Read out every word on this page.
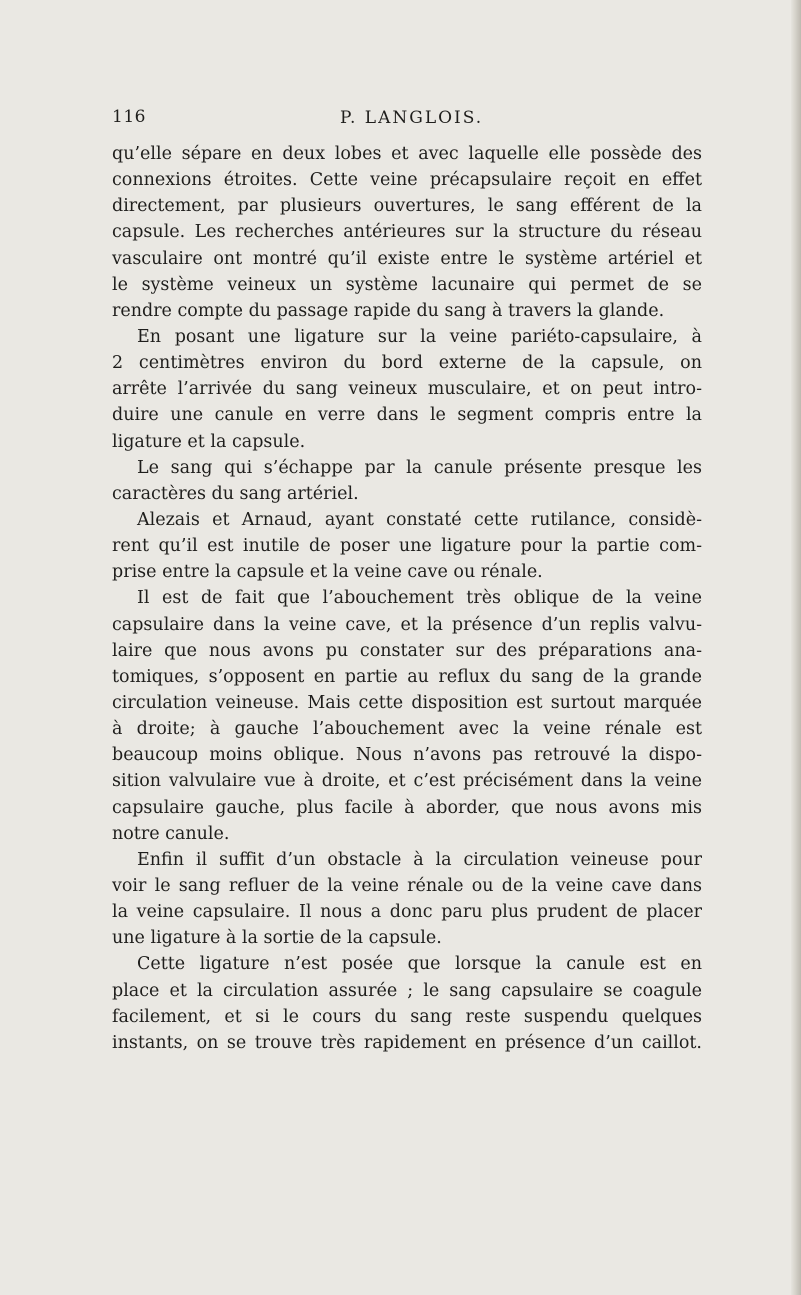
116	P. LANGLOIS.
qu’elle sépare en deux lobes et avec laquelle elle possède des
connexions étroites. Cette veine précapsulaire reçoit en effet
directement, par plusieurs ouvertures, le sang efférent de la
capsule. Les recherches antérieures sur la structure du réseau
vasculaire ont montré qu’il existe entre le système artériel et
le système veineux un système lacunaire qui permet de se
rendre compte du passage rapide du sang à travers la glande.
En posant une ligature sur la veine pariéto-capsulaire, à
2 centimètres environ du bord externe de la capsule, on
arrête l’arrivée du sang veineux musculaire, et on peut intro-
duire une canule en verre dans le segment compris entre la
ligature et la capsule.
Le sang qui s’échappe par la canule présente presque les
caractères du sang artériel.
Alezais et Arnaud, ayant constaté cette rutilance, considè-
rent qu’il est inutile de poser une ligature pour la partie com-
prise entre la capsule et la veine cave ou rénale.
Il est de fait que l’abouchement très oblique de la veine
capsulaire dans la veine cave, et la présence d’un replis valvu-
laire que nous avons pu constater sur des préparations ana-
tomiques, s’opposent en partie au reflux du sang de la grande
circulation veineuse. Mais cette disposition est surtout marquée
à droite; à gauche l’abouchement avec la veine rénale est
beaucoup moins oblique. Nous n’avons pas retrouvé la dispo-
sition valvulaire vue à droite, et c’est précisément dans la veine
capsulaire gauche, plus facile à aborder, que nous avons mis
notre canule.
Enfin il suffit d’un obstacle à la circulation veineuse pour
voir le sang refluer de la veine rénale ou de la veine cave dans
la veine capsulaire. Il nous a donc paru plus prudent de placer
une ligature à la sortie de la capsule.
Cette ligature n’est posée que lorsque la canule est en
place et la circulation assurée ; le sang capsulaire se coagule
facilement, et si le cours du sang reste suspendu quelques
instants, on se trouve très rapidement en présence d’un caillot.
